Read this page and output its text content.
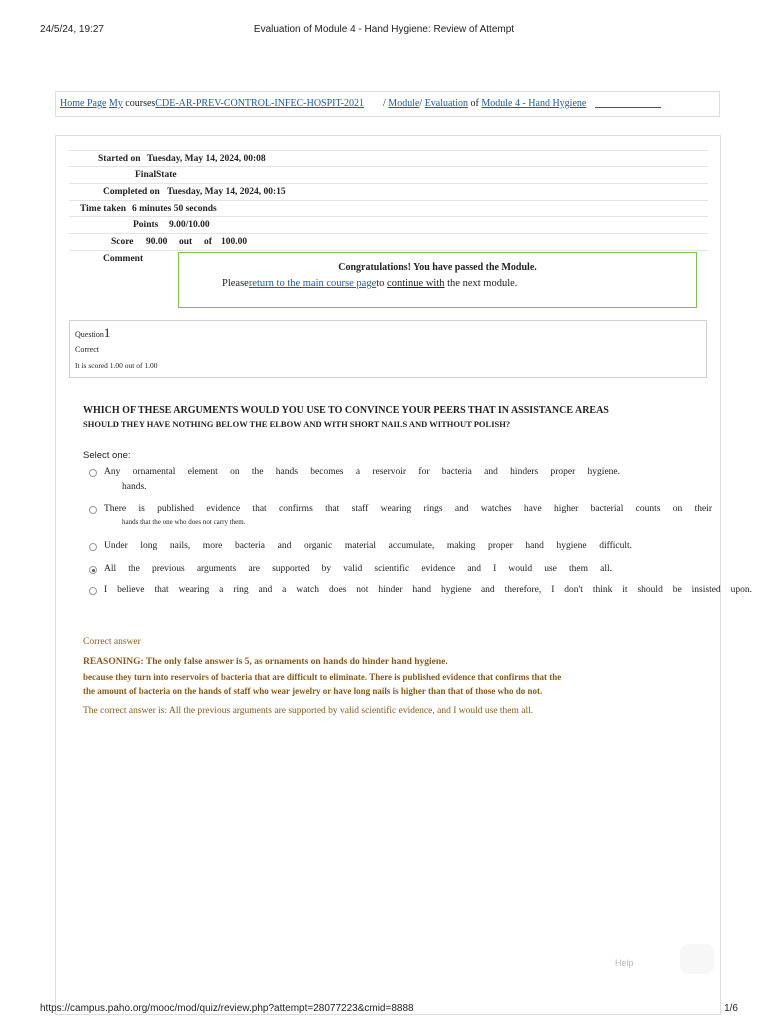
24/5/24, 19:27	Evaluation of Module 4 - Hand Hygiene: Review of Attempt
Home Page My coursesCDE-AR-PREV-CONTROL-INFEC-HOSPIT-2021 / Module/ Evaluation of Module 4 - Hand Hygiene
Started on Tuesday, May 14, 2024, 00:08
Final State
Completed on Tuesday, May 14, 2024, 00:15
Time taken 6 minutes 50 seconds
Points 9.00/10.00
Score 90.00 out of 100.00
Comment
Congratulations! You have passed the Module.
Pleasereturn to the main course pageto continue with the next module.
Question1
Correct
It is scored 1.00 out of 1.00
WHICH OF THESE ARGUMENTS WOULD YOU USE TO CONVINCE YOUR PEERS THAT IN ASSISTANCE AREAS
SHOULD THEY HAVE NOTHING BELOW THE ELBOW AND WITH SHORT NAILS AND WITHOUT POLISH?
Select one:
Any ornamental element on the hands becomes a reservoir for bacteria and hinders proper hygiene.
hands.
There is published evidence that confirms that staff wearing rings and watches have higher bacterial counts on their
hands that the one who does not carry them.
Under long nails, more bacteria and organic material accumulate, making proper hand hygiene difficult.
All the previous arguments are supported by valid scientific evidence and I would use them all.
I believe that wearing a ring and a watch does not hinder hand hygiene and therefore, I don't think it should be insisted upon.
Correct answer
REASONING: The only false answer is 5, as ornaments on hands do hinder hand hygiene.
because they turn into reservoirs of bacteria that are difficult to eliminate. There is published evidence that confirms that the
the amount of bacteria on the hands of staff who wear jewelry or have long nails is higher than that of those who do not.
The correct answer is: All the previous arguments are supported by valid scientific evidence, and I would use them all.
Help
https://campus.paho.org/mooc/mod/quiz/review.php?attempt=28077223&cmid=8888	1/6
